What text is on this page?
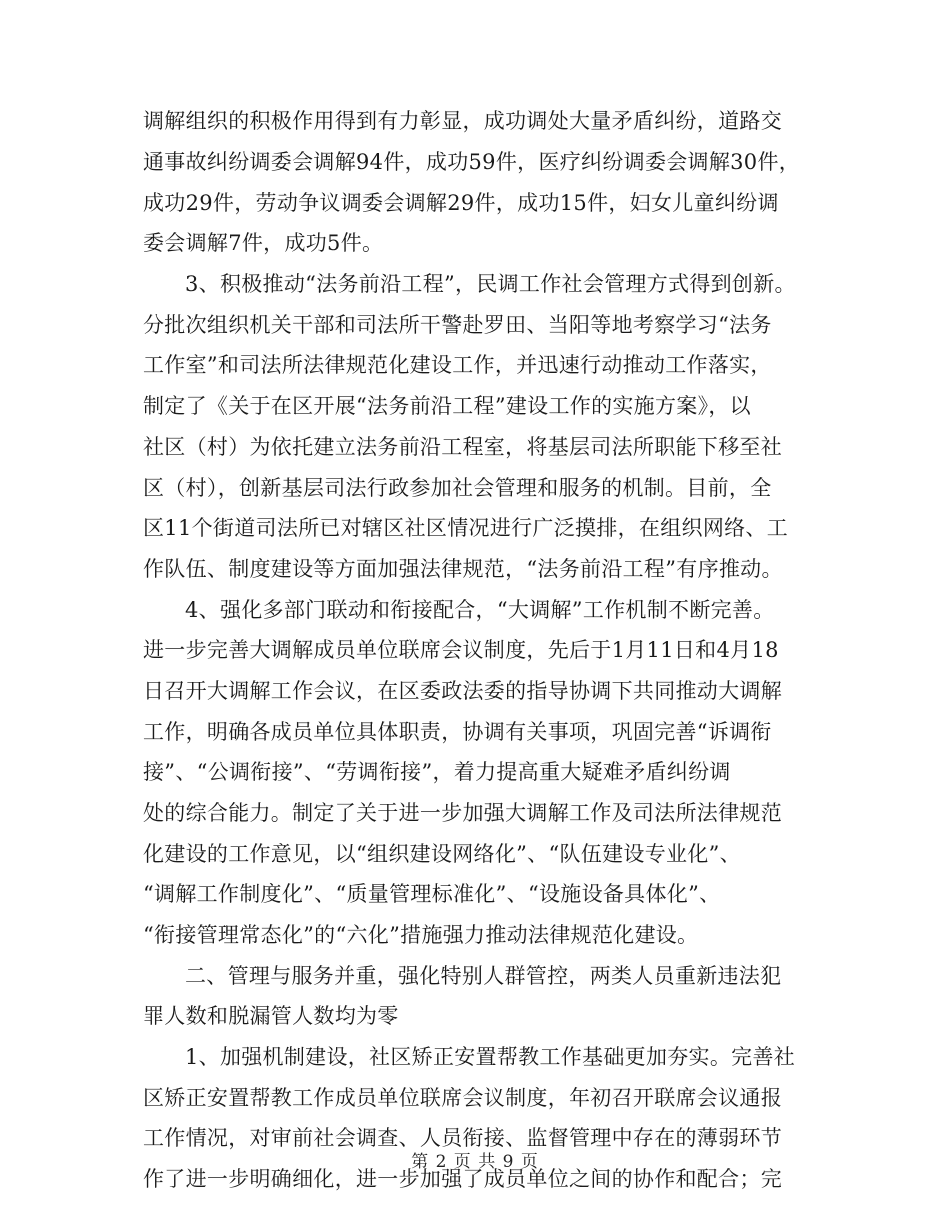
调解组织的积极作用得到有力彰显，成功调处大量矛盾纠纷，道路交
通事故纠纷调委会调解94件，成功59件，医疗纠纷调委会调解30件，
成功29件，劳动争议调委会调解29件，成功15件，妇女儿童纠纷调
委会调解7件，成功5件。
3、积极推动“法务前沿工程”，民调工作社会管理方式得到创新。
分批次组织机关干部和司法所干警赴罗田、当阳等地考察学习“法务
工作室”和司法所法律规范化建设工作，并迅速行动推动工作落实，
制定了《关于在区开展“法务前沿工程”建设工作的实施方案》，以
社区（村）为依托建立法务前沿工程室，将基层司法所职能下移至社
区（村），创新基层司法行政参加社会管理和服务的机制。目前，全
区11个街道司法所已对辖区社区情况进行广泛摸排，在组织网络、工
作队伍、制度建设等方面加强法律规范，“法务前沿工程”有序推动。
4、强化多部门联动和衔接配合，“大调解”工作机制不断完善。
进一步完善大调解成员单位联席会议制度，先后于1月11日和4月18
日召开大调解工作会议，在区委政法委的指导协调下共同推动大调解
工作，明确各成员单位具体职责，协调有关事项，巩固完善“诉调衔
接”、“公调衔接”、“劳调衔接”，着力提高重大疑难矛盾纠纷调
处的综合能力。制定了关于进一步加强大调解工作及司法所法律规范
化建设的工作意见，以“组织建设网络化”、“队伍建设专业化”、
“调解工作制度化”、“质量管理标准化”、“设施设备具体化”、
“衔接管理常态化”的“六化”措施强力推动法律规范化建设。
二、管理与服务并重，强化特别人群管控，两类人员重新违法犯
罪人数和脱漏管人数均为零
1、加强机制建设，社区矫正安置帮教工作基础更加夯实。完善社
区矫正安置帮教工作成员单位联席会议制度，年初召开联席会议通报
工作情况，对审前社会调查、人员衔接、监督管理中存在的薄弱环节
作了进一步明确细化，进一步加强了成员单位之间的协作和配合；完
第 2 页 共 9 页
